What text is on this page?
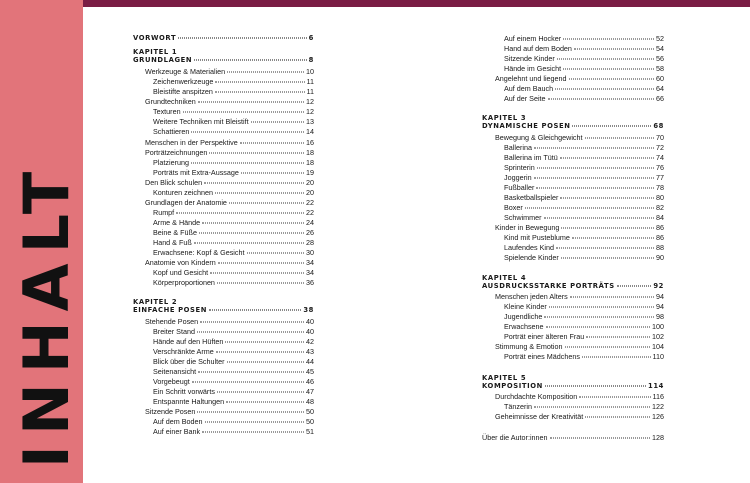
INHALT
VORWORT	6
KAPITEL 1
GRUNDLAGEN	8
Werkzeuge & Materialien	10
Zeichenwerkzeuge	11
Bleistifte anspitzen	11
Grundtechniken	12
Texturen	12
Weitere Techniken mit Bleistift	13
Schattieren	14
Menschen in der Perspektive	16
Porträtzeichnungen	18
Platzierung	18
Porträts mit Extra-Aussage	19
Den Blick schulen	20
Konturen zeichnen	20
Grundlagen der Anatomie	22
Rumpf	22
Arme & Hände	24
Beine & Füße	26
Hand & Fuß	28
Erwachsene: Kopf & Gesicht	30
Anatomie von Kindern	34
Kopf und Gesicht	34
Körperproportionen	36
KAPITEL 2
EINFACHE POSEN	38
Stehende Posen	40
Breiter Stand	40
Hände auf den Hüften	42
Verschränkte Arme	43
Blick über die Schulter	44
Seitenansicht	45
Vorgebeugt	46
Ein Schritt vorwärts	47
Entspannte Haltungen	48
Sitzende Posen	50
Auf dem Boden	50
Auf einer Bank	51
Auf einem Hocker	52
Hand auf dem Boden	54
Sitzende Kinder	56
Hände im Gesicht	58
Angelehnt und liegend	60
Auf dem Bauch	64
Auf der Seite	66
KAPITEL 3
DYNAMISCHE POSEN	68
Bewegung & Gleichgewicht	70
Ballerina	72
Ballerina im Tütü	74
Sprinterin	76
Joggerin	77
Fußballer	78
Basketballspieler	80
Boxer	82
Schwimmer	84
Kinder in Bewegung	86
Kind mit Pusteblume	86
Laufendes Kind	88
Spielende Kinder	90
KAPITEL 4
AUSDRUCKSSTARKE PORTRÄTS	92
Menschen jeden Alters	94
Kleine Kinder	94
Jugendliche	98
Erwachsene	100
Porträt einer älteren Frau	102
Stimmung & Emotion	104
Porträt eines Mädchens	110
KAPITEL 5
KOMPOSITION	114
Durchdachte Komposition	116
Tänzerin	122
Geheimnisse der Kreativität	126
Über die Autor:innen	128
